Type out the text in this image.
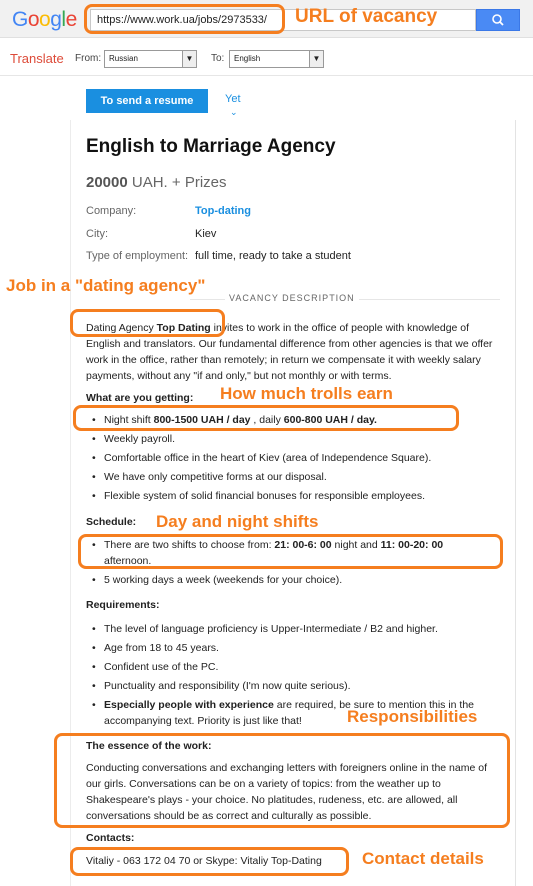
Google	https://www.work.ua/jobs/2973533/
Translate From: Russian	▼ To:	English	▼
To send a resume	Yet
⌄
English to Marriage Agency
20000 UAH. + Prizes
Company:	Top-dating
City:	Kiev
Type of employment: full time, ready to take a student
VACANCY DESCRIPTION
Dating Agency Top Dating invites to work in the office of people with knowledge of English and translators. Our fundamental difference from other agencies is that we offer work in the office, rather than remotely; in return we compensate it with weekly salary payments, without any "if and only," but not monthly or with terms.
What are you getting:
• Night shift 800-1500 UAH / day , daily 600-800 UAH / day.
• Weekly payroll.
• Comfortable office in the heart of Kiev (area of Independence Square).
• We have only competitive forms at our disposal.
• Flexible system of solid financial bonuses for responsible employees.
Schedule:
• There are two shifts to choose from: 21: 00-6: 00 night and 11: 00-20: 00 afternoon.
• 5 working days a week (weekends for your choice).
Requirements:
• The level of language proficiency is Upper-Intermediate / B2 and higher.
• Age from 18 to 45 years.
• Confident use of the PC.
• Punctuality and responsibility (I'm now quite serious).
• Especially people with experience are required, be sure to mention this in the accompanying text. Priority is just like that!
The essence of the work:
Conducting conversations and exchanging letters with foreigners online in the name of our girls. Conversations can be on a variety of topics: from the weather up to Shakespeare's plays - your choice. No platitudes, rudeness, etc. are allowed, all conversations should be as correct and culturally as possible.
Contacts:
Vitaliy - 063 172 04 70 or Skype: Vitaliy Top-Dating
URL of vacancy
Job in a "dating agency"
How much trolls earn
Day and night shifts
Responsibilities
Contact details
